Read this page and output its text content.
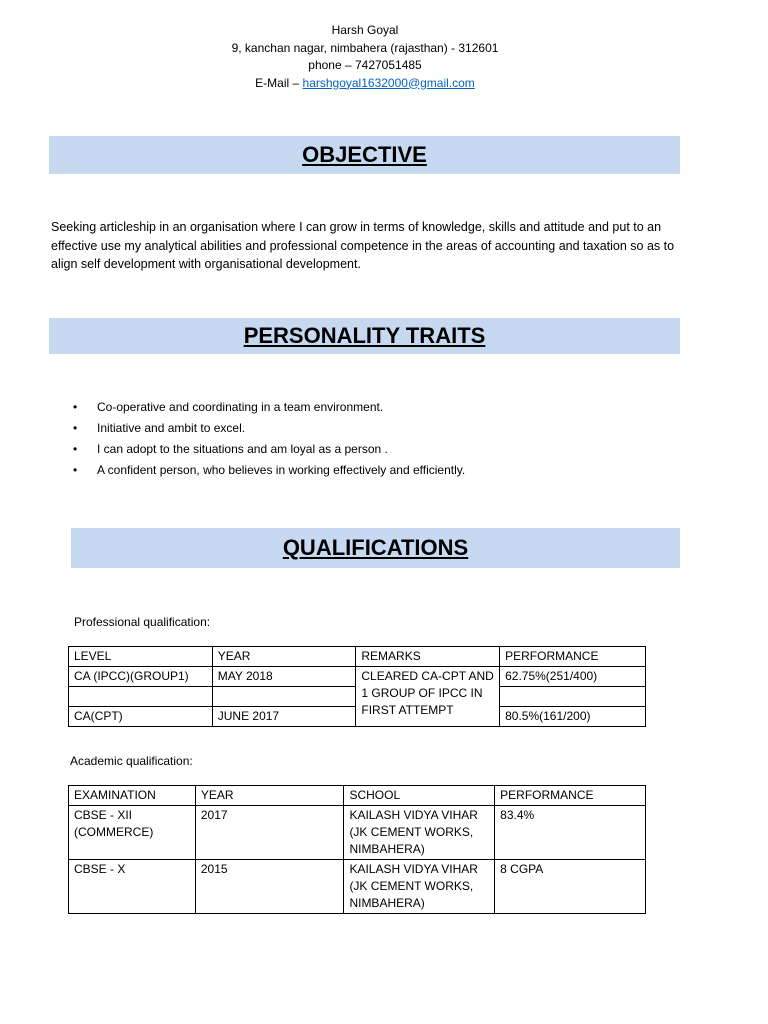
Harsh Goyal
9, kanchan nagar, nimbahera (rajasthan) - 312601
phone – 7427051485
E-Mail – harshgoyal1632000@gmail.com
OBJECTIVE
Seeking articleship in an organisation where I can grow in terms of knowledge, skills and attitude and put to an effective use my analytical abilities and professional competence in the areas of accounting and taxation so as to align self development with organisational development.
PERSONALITY TRAITS
• Co-operative and coordinating in a team environment.
• Initiative and ambit to excel.
• I can adopt to the situations and am loyal as a person .
• A confident person, who believes in working effectively and efficiently.
QUALIFICATIONS
Professional qualification:
LEVEL	YEAR	REMARKS	PERFORMANCE
CA (IPCC)(GROUP1)	MAY 2018	CLEARED CA-CPT AND 1 GROUP OF IPCC IN FIRST ATTEMPT	62.75%(251/400)

CA(CPT)	JUNE 2017		80.5%(161/200)
Academic qualification:
EXAMINATION	YEAR	SCHOOL	PERFORMANCE
CBSE - XII (COMMERCE)	2017	KAILASH VIDYA VIHAR (JK CEMENT WORKS, NIMBAHERA)	83.4%
CBSE - X	2015	KAILASH VIDYA VIHAR (JK CEMENT WORKS, NIMBAHERA)	8 CGPA
